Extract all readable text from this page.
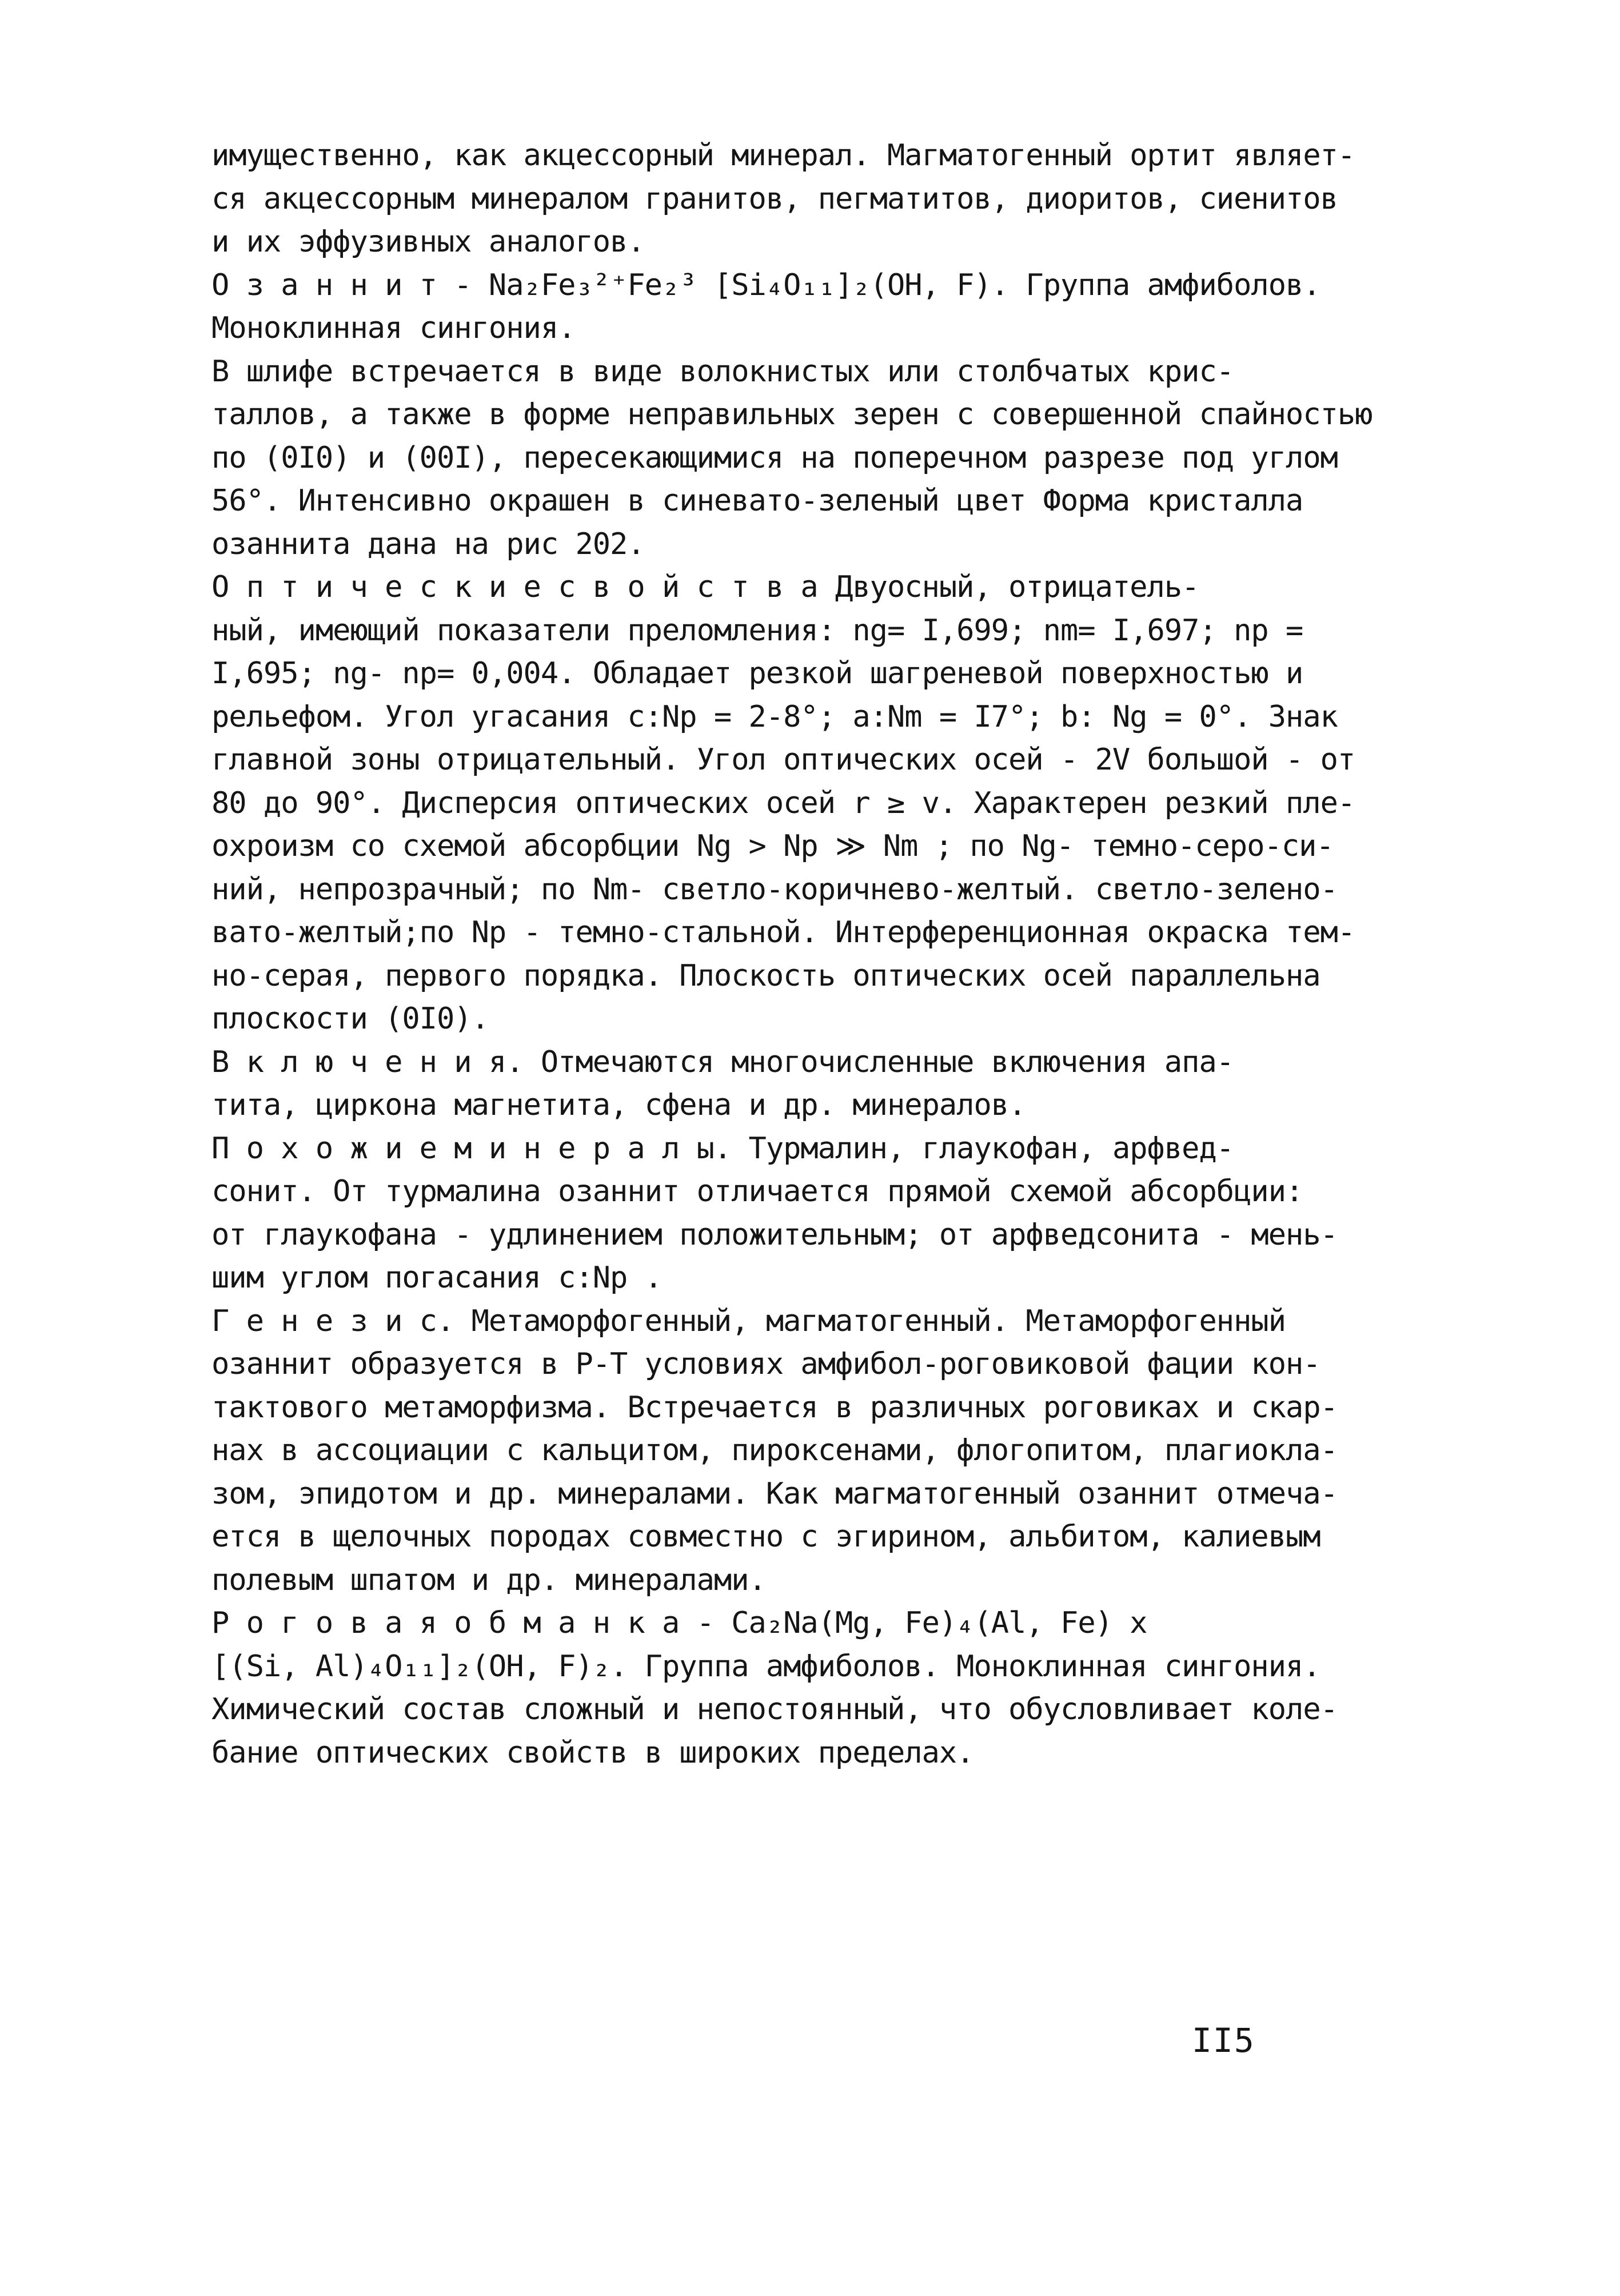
имущественно, как акцессорный минерал. Магматогенный ортит являет-
ся акцессорным минералом гранитов, пегматитов, диоритов, сиенитов
и их эффузивных аналогов.

О з а н н и т - Na₂Fe₃²⁺Fe₂³ [Si₄O₁₁]₂(OH, F). Группа амфиболов.
Моноклинная сингония.

В шлифе встречается в виде волокнистых или столбчатых крис-
таллов, а также в форме неправильных зерен с совершенной спайностью
по (0I0) и (00I), пересекающимися на поперечном разрезе под углом
56°. Интенсивно окрашен в синевато-зеленый цвет Форма кристалла
озаннита дана на рис 202.

О п т и ч е с к и е с в о й с т в а Двуосный, отрицатель-
ный, имеющий показатели преломления: ng= I,699; nm= I,697; np =
I,695; ng- np= 0,004. Обладает резкой шагреневой поверхностью и
рельефом. Угол угасания c:Np = 2-8°; a:Nm = I7°; b: Ng = 0°. Знак
главной зоны отрицательный. Угол оптических осей - 2V большой - от
80 до 90°. Дисперсия оптических осей r ≥ v. Характерен резкий пле-
охроизм со схемой абсорбции Ng > Np ≫ Nm ; по Ng- темно-серо-си-
ний, непрозрачный; по Nm- светло-коричнево-желтый. светло-зелено-
вато-желтый;по Np - темно-стальной. Интерференционная окраска тем-
но-серая, первого порядка. Плоскость оптических осей параллельна
плоскости (0I0).

В к л ю ч е н и я. Отмечаются многочисленные включения апа-
тита, циркона магнетита, сфена и др. минералов.

П о х о ж и е м и н е р а л ы. Турмалин, глаукофан, арфвед-
сонит. От турмалина озаннит отличается прямой схемой абсорбции:
от глаукофана - удлинением положительным; от арфведсонита - мень-
шим углом погасания c:Np .

Г е н е з и с. Метаморфогенный, магматогенный. Метаморфогенный
озаннит образуется в P-T условиях амфибол-роговиковой фации кон-
тактового метаморфизма. Встречается в различных роговиках и скар-
нах в ассоциации с кальцитом, пироксенами, флогопитом, плагиокла-
зом, эпидотом и др. минералами. Как магматогенный озаннит отмеча-
ется в щелочных породах совместно с эгирином, альбитом, калиевым
полевым шпатом и др. минералами.

Р о г о в а я о б м а н к а - Ca₂Na(Mg, Fe)₄(Al, Fe) x
[(Si, Al)₄O₁₁]₂(OH, F)₂. Группа амфиболов. Моноклинная сингония.
Химический состав сложный и непостоянный, что обусловливает коле-
бание оптических свойств в широких пределах.

II5
